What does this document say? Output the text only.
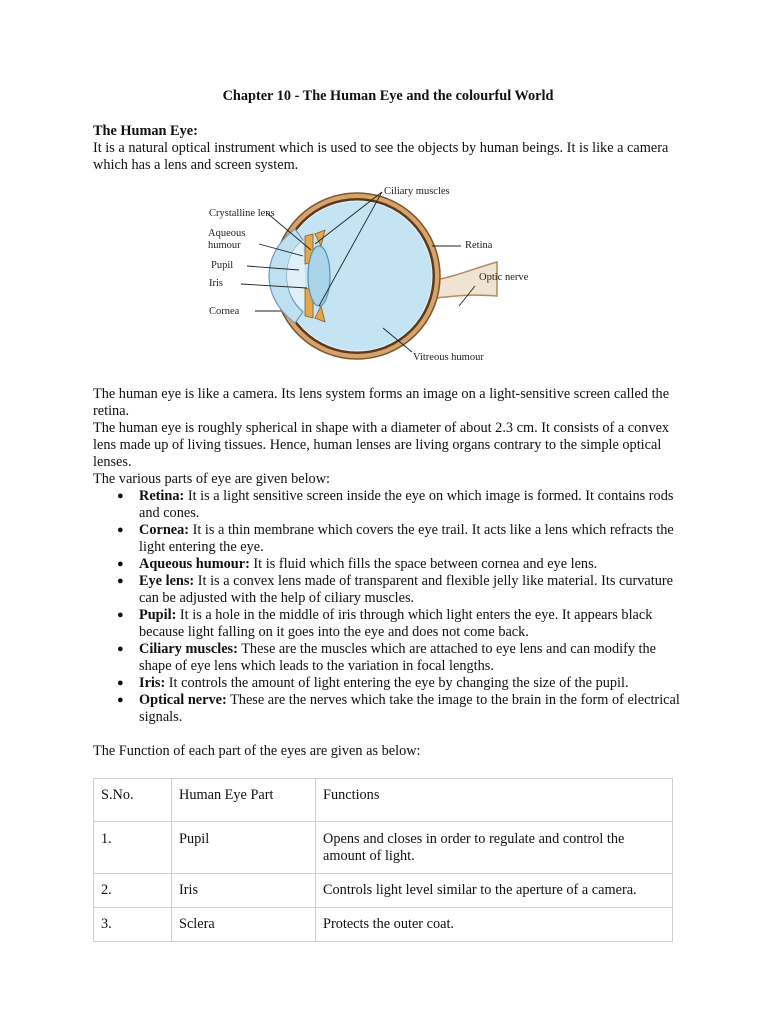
Chapter 10 - The Human Eye and the colourful World

The Human Eye:

It is a natural optical instrument which is used to see the objects by human beings. It is like a camera which has a lens and screen system.

Ciliary muscles
Crystalline lens
Aqueous humour
Pupil
Iris
Cornea
Retina
Optic nerve
Vitreous humour

The human eye is like a camera. Its lens system forms an image on a light-sensitive screen called the retina.

The human eye is roughly spherical in shape with a diameter of about 2.3 cm. It consists of a convex lens made up of living tissues. Hence, human lenses are living organs contrary to the simple optical lenses.

The various parts of eye are given below:

● Retina: It is a light sensitive screen inside the eye on which image is formed. It contains rods and cones.
● Cornea: It is a thin membrane which covers the eye trail. It acts like a lens which refracts the light entering the eye.
● Aqueous humour: It is fluid which fills the space between cornea and eye lens.
● Eye lens: It is a convex lens made of transparent and flexible jelly like material. Its curvature can be adjusted with the help of ciliary muscles.
● Pupil: It is a hole in the middle of iris through which light enters the eye. It appears black because light falling on it goes into the eye and does not come back.
● Ciliary muscles: These are the muscles which are attached to eye lens and can modify the shape of eye lens which leads to the variation in focal lengths.
● Iris: It controls the amount of light entering the eye by changing the size of the pupil.
● Optical nerve: These are the nerves which take the image to the brain in the form of electrical signals.

The Function of each part of the eyes are given as below:

S.No.	Human Eye Part	Functions
1.	Pupil	Opens and closes in order to regulate and control the amount of light.
2.	Iris	Controls light level similar to the aperture of a camera.
3.	Sclera	Protects the outer coat.
